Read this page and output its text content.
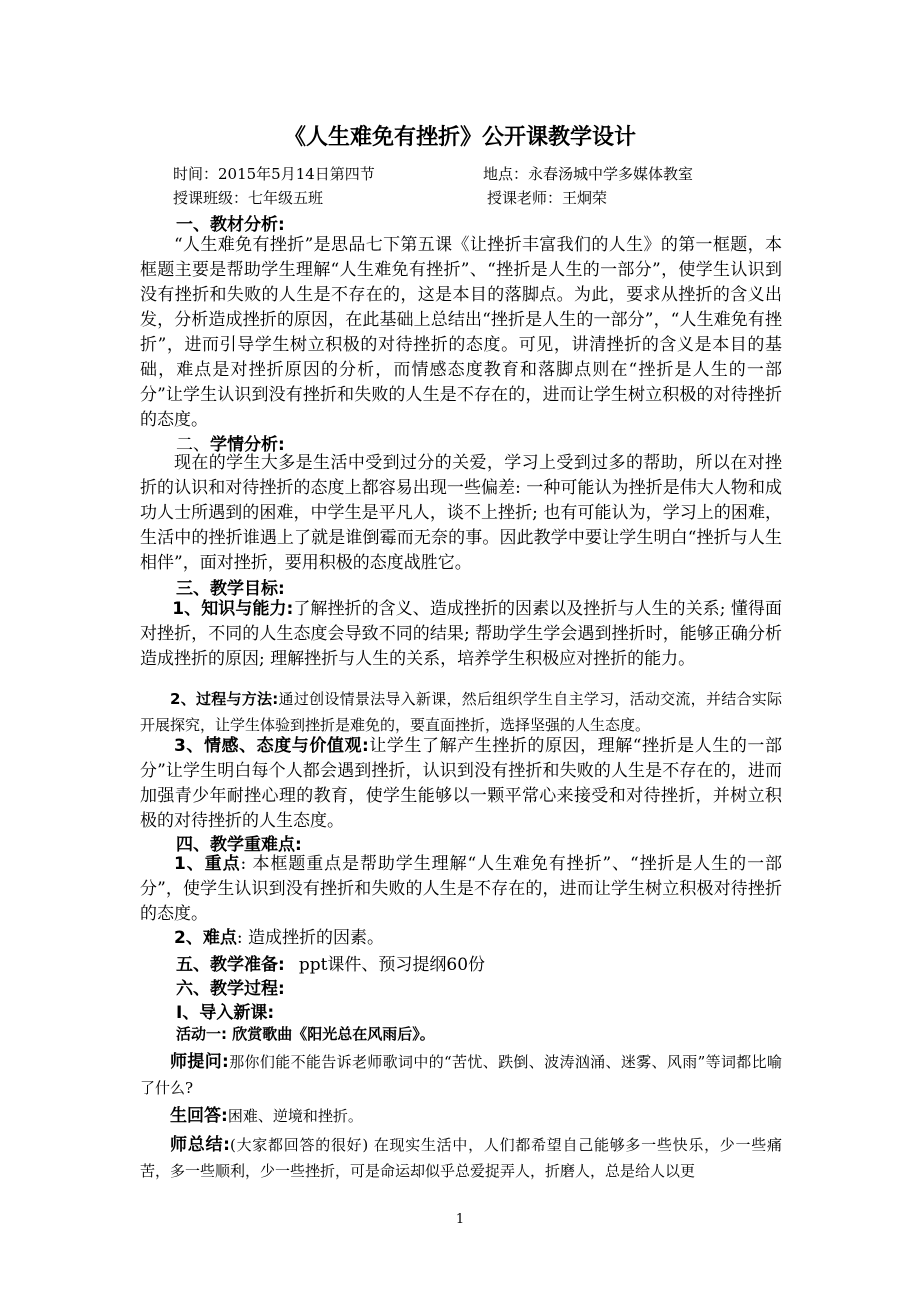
《人生难免有挫折》公开课教学设计
时间：2015年5月14日第四节	地点：永春汤城中学多媒体教室
授课班级：七年级五班	授课老师：王炯荣
一、教材分析:
“人生难免有挫折”是思品七下第五课《让挫折丰富我们的人生》的第一框题，本框题主要是帮助学生理解“人生难免有挫折”、“挫折是人生的一部分”，使学生认识到没有挫折和失败的人生是不存在的，这是本目的落脚点。为此，要求从挫折的含义出发，分析造成挫折的原因，在此基础上总结出“挫折是人生的一部分”，“人生难免有挫折”，进而引导学生树立积极的对待挫折的态度。可见，讲清挫折的含义是本目的基础，难点是对挫折原因的分析，而情感态度教育和落脚点则在“挫折是人生的一部分”让学生认识到没有挫折和失败的人生是不存在的，进而让学生树立积极的对待挫折的态度。
二、学情分析:
现在的学生大多是生活中受到过分的关爱，学习上受到过多的帮助，所以在对挫折的认识和对待挫折的态度上都容易出现一些偏差: 一种可能认为挫折是伟大人物和成功人士所遇到的困难，中学生是平凡人，谈不上挫折; 也有可能认为，学习上的困难，生活中的挫折谁遇上了就是谁倒霉而无奈的事。因此教学中要让学生明白“挫折与人生相伴”，面对挫折，要用积极的态度战胜它。
三、教学目标:
1、知识与能力:了解挫折的含义、造成挫折的因素以及挫折与人生的关系; 懂得面对挫折，不同的人生态度会导致不同的结果; 帮助学生学会遇到挫折时，能够正确分析造成挫折的原因; 理解挫折与人生的关系，培养学生积极应对挫折的能力。
2、过程与方法:通过创设情景法导入新课，然后组织学生自主学习，活动交流，并结合实际开展探究，让学生体验到挫折是难免的，要直面挫折，选择坚强的人生态度。
3、情感、态度与价值观:让学生了解产生挫折的原因，理解“挫折是人生的一部分”让学生明白每个人都会遇到挫折，认识到没有挫折和失败的人生是不存在的，进而加强青少年耐挫心理的教育，使学生能够以一颗平常心来接受和对待挫折，并树立积极的对待挫折的人生态度。
四、教学重难点:
1、重点: 本框题重点是帮助学生理解“人生难免有挫折”、“挫折是人生的一部分”，使学生认识到没有挫折和失败的人生是不存在的，进而让学生树立积极对待挫折的态度。
2、难点: 造成挫折的因素。
五、教学准备: ppt课件、预习提纲60份
六、教学过程:
Ⅰ、导入新课:
活动一: 欣赏歌曲《阳光总在风雨后》。
师提问:那你们能不能告诉老师歌词中的“苦忧、跌倒、波涛汹涌、迷雾、风雨”等词都比喻了什么?
生回答:困难、逆境和挫折。
师总结:(大家都回答的很好) 在现实生活中，人们都希望自己能够多一些快乐，少一些痛苦，多一些顺利，少一些挫折，可是命运却似乎总爱捉弄人，折磨人，总是给人以更
1
